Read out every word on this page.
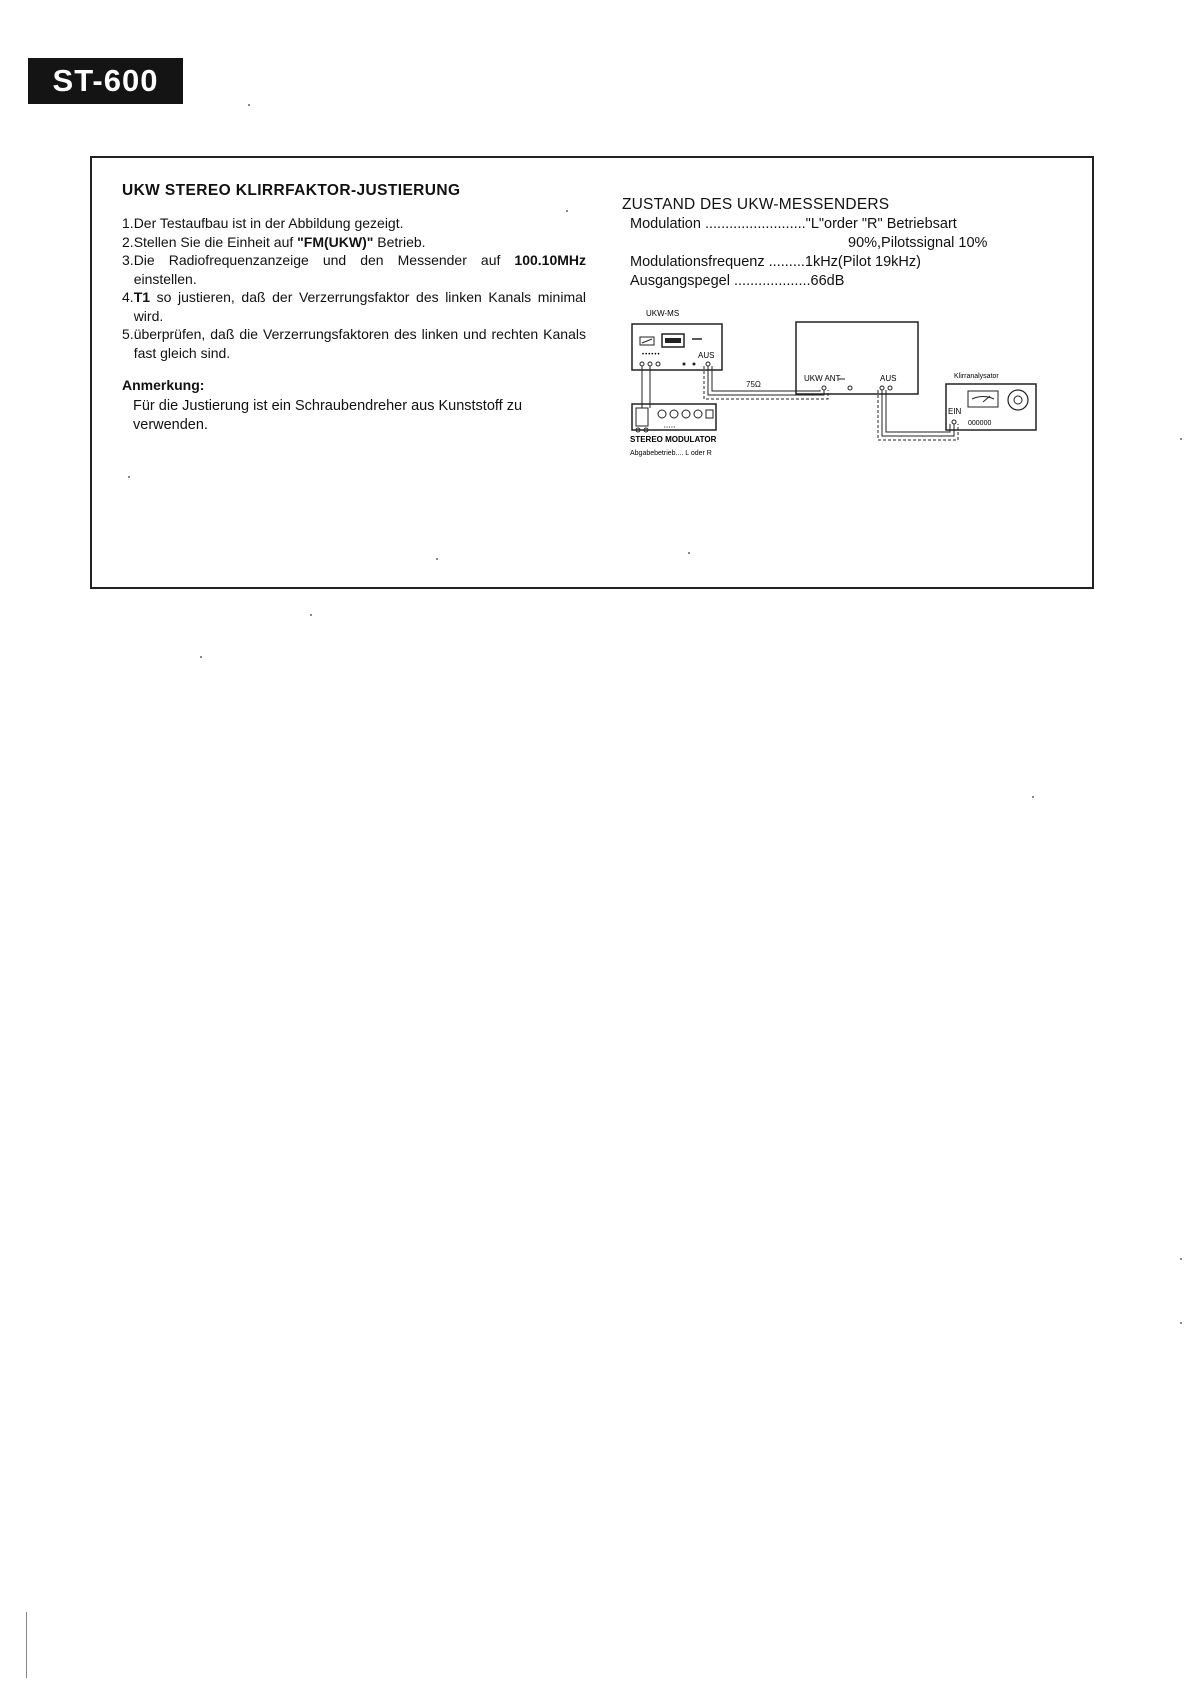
ST-600
UKW STEREO KLIRRFAKTOR-JUSTIERUNG
1. Der Testaufbau ist in der Abbildung gezeigt.
2. Stellen Sie die Einheit auf "FM(UKW)" Betrieb.
3. Die Radiofrequenzanzeige und den Messender auf 100.10MHz einstellen.
4. T1 so justieren, daß der Verzerrungsfaktor des linken Kanals minimal wird.
5. überprüfen, daß die Verzerrungsfaktoren des linken und rechten Kanals fast gleich sind.
Anmerkung:
Für die Justierung ist ein Schraubendreher aus Kunststoff zu verwenden.
ZUSTAND DES UKW-MESSENDERS
Modulation ........................."L"order "R" Betriebsart
90%,Pilotssignal 10%
Modulationsfrequenz .........1kHz(Pilot 19kHz)
Ausgangspegel ...................66dB
UKW-MS
••••••	AUS
UKW ANT	AUS	Klirranalysator
EIN
000000
•••••
STEREO MODULATOR
Abgabebetrieb.... L oder R
75Ω
